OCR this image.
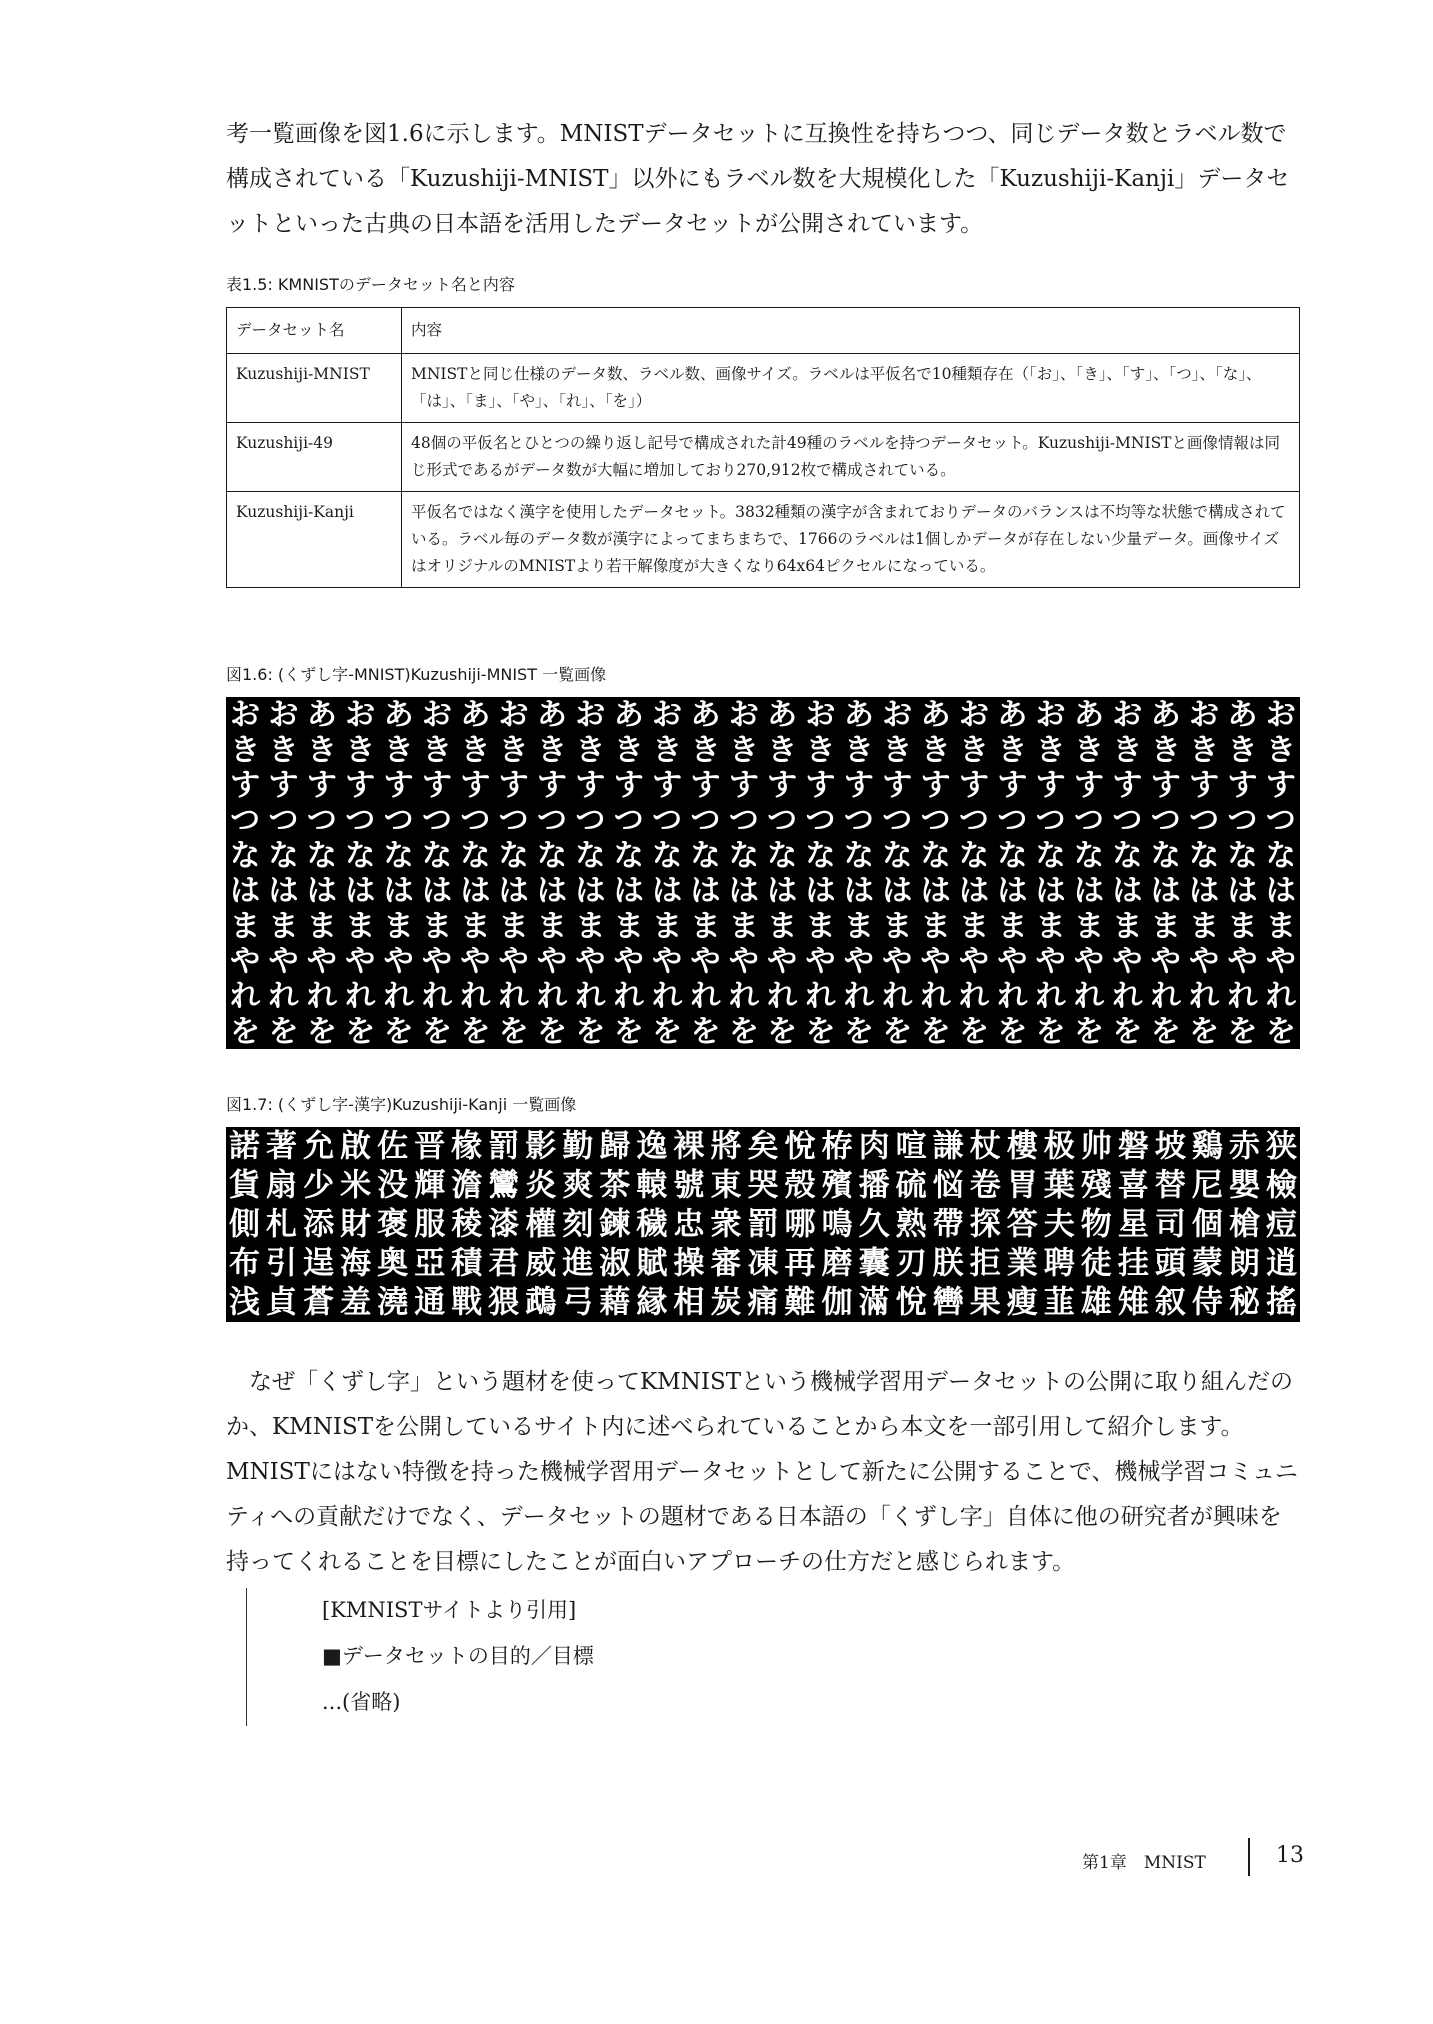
考一覧画像を図1.6に示します。MNISTデータセットに互換性を持ちつつ、同じデータ数とラベル数で構成されている「Kuzushiji-MNIST」以外にもラベル数を大規模化した「Kuzushiji-Kanji」データセットといった古典の日本語を活用したデータセットが公開されています。

表1.5: KMNISTのデータセット名と内容
データセット名	内容
Kuzushiji-MNIST	MNISTと同じ仕様のデータ数、ラベル数、画像サイズ。ラベルは平仮名で10種類存在（「お」、「き」、「す」、「つ」、「な」、「は」、「ま」、「や」、「れ」、「を」）
Kuzushiji-49	48個の平仮名とひとつの繰り返し記号で構成された計49種のラベルを持つデータセット。Kuzushiji-MNISTと画像情報は同じ形式であるがデータ数が大幅に増加しており270,912枚で構成されている。
Kuzushiji-Kanji	平仮名ではなく漢字を使用したデータセット。3832種類の漢字が含まれておりデータのバランスは不均等な状態で構成されている。ラベル毎のデータ数が漢字によってまちまちで、1766のラベルは1個しかデータが存在しない少量データ。画像サイズはオリジナルのMNISTより若干解像度が大きくなり64x64ピクセルになっている。
図1.6: (くずし字-MNIST)Kuzushiji-MNIST 一覧画像
お お あ お あ お あ お あ お あ お あ お あ お あ お あ お あ お あ お あ お あ お
き き き き き き き き き き き き き き き き き き き き き き き き き き き き
す す す す す す す す す す す す す す す す す す す す す す す す す す す す
つ つ つ つ つ つ つ つ つ つ つ つ つ つ つ つ つ つ つ つ つ つ つ つ つ つ つ つ
な な な な な な な な な な な な な な な な な な な な な な な な な な な な
は は は は は は は は は は は は は は は は は は は は は は は は は は は は
ま ま ま ま ま ま ま ま ま ま ま ま ま ま ま ま ま ま ま ま ま ま ま ま ま ま ま ま
や や や や や や や や や や や や や や や や や や や や や や や や や や や や
れ れ れ れ れ れ れ れ れ れ れ れ れ れ れ れ れ れ れ れ れ れ れ れ れ れ れ れ
を を を を を を を を を を を を を を を を を を を を を を を を を を を を
図1.7: (くずし字-漢字)Kuzushiji-Kanji 一覧画像
諾 著 允 啟 佐 晋 椽 罰 影 勤 歸 逸 裸 將 矣 悅 栫 肉 喧 謙 杖 樓 极 帅 磐 坡 鷄 赤 狭
貨 扇 少 米 没 輝 澹 鸞 炎 爽 茶 轅 號 東 哭 殻 殯 播 硫 悩 卷 胃 葉 殘 喜 替 尼 嬰 檢
側 札 添 財 褒 服 稜 漆 權 刻 鍊 穢 忠 衆 罰 哪 鳴 久 熟 帶 探 答 夫 物 星 司 個 槍 痘
布 引 逞 海 奥 亞 積 君 威 進 淑 賦 操 審 凍 再 磨 囊 刃 朕 拒 業 聘 徒 挂 頭 蒙 朗 逍
浅 貞 蒼 羞 澆 通 戰 猥 鵡 弓 藉 縁 相 炭 痛 難 伽 滿 悅 轡 果 瘦 韮 雄 雉 叙 侍 秘 搖

なぜ「くずし字」という題材を使ってKMNISTという機械学習用データセットの公開に取り組んだのか、KMNISTを公開しているサイト内に述べられていることから本文を一部引用して紹介します。MNISTにはない特徴を持った機械学習用データセットとして新たに公開することで、機械学習コミュニティへの貢献だけでなく、データセットの題材である日本語の「くずし字」自体に他の研究者が興味を持ってくれることを目標にしたことが面白いアプローチの仕方だと感じられます。

[KMNISTサイトより引用]
■データセットの目的／目標
...(省略)
第1章　MNIST	13
